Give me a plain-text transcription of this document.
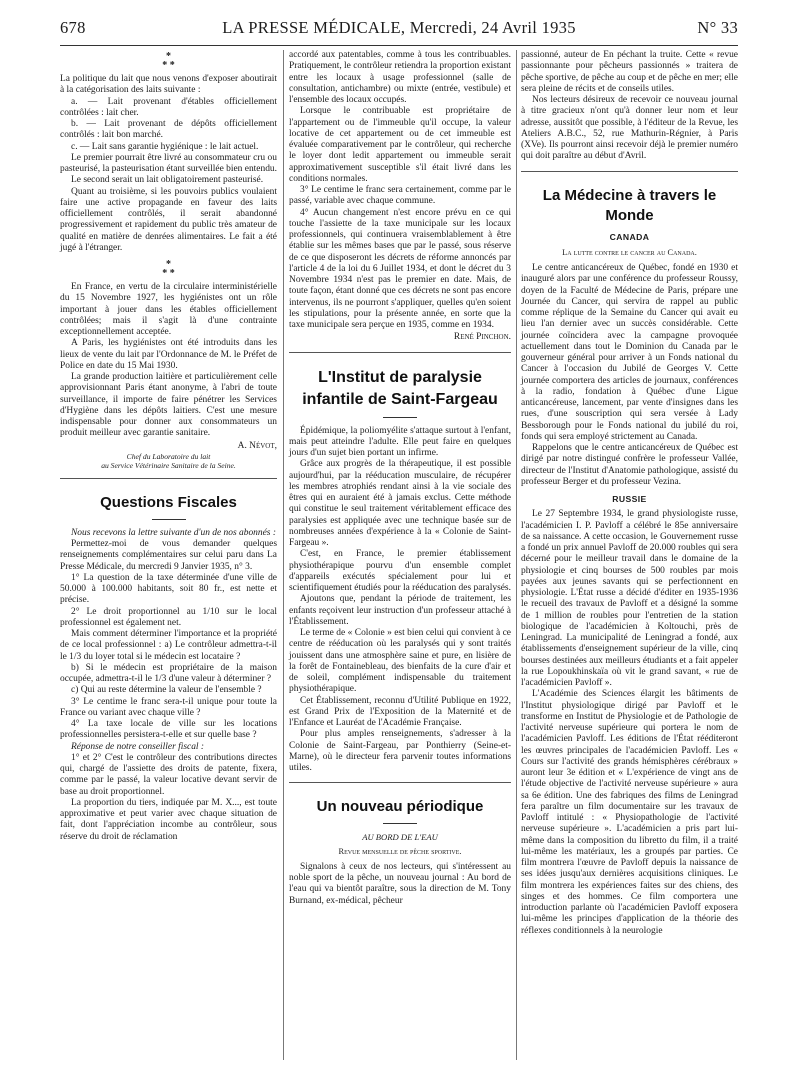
678	LA PRESSE MÉDICALE, Mercredi, 24 Avril 1935	N° 33
*
* *

La politique du lait que nous venons d'exposer aboutirait à la catégorisation des laits suivante :

a. — Lait provenant d'étables officiellement contrôlées : lait cher.

b. — Lait provenant de dépôts officiellement contrôlés : lait bon marché.

c. — Lait sans garantie hygiénique : le lait actuel.

Le premier pourrait être livré au consommateur cru ou pasteurisé, la pasteurisation étant surveillée bien entendu.

Le second serait un lait obligatoirement pasteurisé.

Quant au troisième, si les pouvoirs publics voulaient faire une active propagande en faveur des laits officiellement contrôlés, il serait abandonné progressivement et rapidement du public très amateur de qualité en matière de denrées alimentaires. Le fait a été jugé à l'étranger.

*
* *

En France, en vertu de la circulaire interministérielle du 15 Novembre 1927, les hygiénistes ont un rôle important à jouer dans les étables officiellement contrôlées; mais il s'agit là d'une contrainte exceptionnellement acceptée.

A Paris, les hygiénistes ont été introduits dans les lieux de vente du lait par l'Ordonnance de M. le Préfet de Police en date du 15 Mai 1930.

La grande production laitière et particulièrement celle approvisionnant Paris étant anonyme, à l'abri de toute surveillance, il importe de faire pénétrer les Services d'Hygiène dans les dépôts laitiers. C'est une mesure indispensable pour donner aux consommateurs un produit meilleur avec garantie sanitaire.

A. Névot,
Chef du Laboratoire du lait
au Service Vétérinaire Sanitaire de la Seine.
Questions Fiscales

Nous recevons la lettre suivante d'un de nos abonnés :

Permettez-moi de vous demander quelques renseignements complémentaires sur celui paru dans La Presse Médicale, du mercredi 9 Janvier 1935, n° 3.

1° La question de la taxe déterminée d'une ville de 50.000 à 100.000 habitants, soit 80 fr., est nette et précise.

2° Le droit proportionnel au 1/10 sur le local professionnel est également net.

Mais comment déterminer l'importance et la propriété de ce local professionnel : a) Le contrôleur admettra-t-il le 1/3 du loyer total si le médecin est locataire ?

b) Si le médecin est propriétaire de la maison occupée, admettra-t-il le 1/3 d'une valeur à déterminer ?

c) Qui au reste détermine la valeur de l'ensemble ?

3° Le centime le franc sera-t-il unique pour toute la France ou variant avec chaque ville ?

4° La taxe locale de ville sur les locations professionnelles persistera-t-elle et sur quelle base ?

Réponse de notre conseiller fiscal :

1° et 2° C'est le contrôleur des contributions directes qui, chargé de l'assiette des droits de patente, fixera, comme par le passé, la valeur locative devant servir de base au droit proportionnel.

La proportion du tiers, indiquée par M. X..., est toute approximative et peut varier avec chaque situation de fait, dont l'appréciation incombe au contrôleur, sous réserve du droit de réclamation

accordé aux patentables, comme à tous les contribuables. Pratiquement, le contrôleur retiendra la proportion existant entre les locaux à usage professionnel (salle de consultation, antichambre) ou mixte (entrée, vestibule) et l'ensemble des locaux occupés.

Lorsque le contribuable est propriétaire de l'appartement ou de l'immeuble qu'il occupe, la valeur locative de cet appartement ou de cet immeuble est évaluée comparativement par le contrôleur, qui recherche le loyer dont ledit appartement ou immeuble serait approximativement susceptible s'il était livré dans les conditions normales.

3° Le centime le franc sera certainement, comme par le passé, variable avec chaque commune.

4° Aucun changement n'est encore prévu en ce qui touche l'assiette de la taxe municipale sur les locaux professionnels, qui continuera vraisemblablement à être établie sur les mêmes bases que par le passé, sous réserve de ce que disposeront les décrets de réforme annoncés par l'article 4 de la loi du 6 Juillet 1934, et dont le décret du 3 Novembre 1934 n'est pas le premier en date. Mais, de toute façon, étant donné que ces décrets ne sont pas encore intervenus, ils ne pourront s'appliquer, quelles qu'en soient les stipulations, pour la présente année, en sorte que la taxe municipale sera perçue en 1935, comme en 1934.

René Pinchon.
L'Institut de paralysie infantile de Saint-Fargeau

Épidémique, la poliomyélite s'attaque surtout à l'enfant, mais peut atteindre l'adulte. Elle peut faire en quelques jours d'un sujet bien portant un infirme.

Grâce aux progrès de la thérapeutique, il est possible aujourd'hui, par la rééducation musculaire, de récupérer les membres atrophiés rendant ainsi à la vie sociale des êtres qui en auraient été à jamais exclus. Cette méthode qui constitue le seul traitement véritablement efficace des paralysies est appliquée avec une technique basée sur de nombreuses années d'expérience à la « Colonie de Saint-Fargeau ».

C'est, en France, le premier établissement physiothérapique pourvu d'un ensemble complet d'appareils exécutés spécialement pour lui et scientifiquement étudiés pour la rééducation des paralysés.

Ajoutons que, pendant la période de traitement, les enfants reçoivent leur instruction d'un professeur attaché à l'Établissement.

Le terme de « Colonie » est bien celui qui convient à ce centre de rééducation où les paralysés qui y sont traités jouissent dans une atmosphère saine et pure, en lisière de la forêt de Fontainebleau, des bienfaits de la cure d'air et de soleil, complément indispensable du traitement physiothérapique.

Cet Établissement, reconnu d'Utilité Publique en 1922, est Grand Prix de l'Exposition de la Maternité et de l'Enfance et Lauréat de l'Académie Française.

Pour plus amples renseignements, s'adresser à la Colonie de Saint-Fargeau, par Ponthierry (Seine-et-Marne), où le directeur fera parvenir toutes informations utiles.

Un nouveau périodique
AU BORD DE L'EAU
Revue mensuelle de pêche sportive.

Signalons à ceux de nos lecteurs, qui s'intéressent au noble sport de la pêche, un nouveau journal : Au bord de l'eau qui va bientôt paraître, sous la direction de M. Tony Burnand, ex-médical, pêcheur

passionné, auteur de En péchant la truite. Cette « revue passionnante pour pêcheurs passionnés » traitera de pêche sportive, de pêche au coup et de pêche en mer; elle sera pleine de récits et de conseils utiles.

Nos lecteurs désireux de recevoir ce nouveau journal à titre gracieux n'ont qu'à donner leur nom et leur adresse, aussitôt que possible, à l'éditeur de la Revue, les Ateliers A.B.C., 52, rue Mathurin-Régnier, à Paris (XVe). Ils pourront ainsi recevoir déjà le premier numéro qui doit paraître au début d'Avril.

La Médecine à travers le Monde
CANADA
La lutte contre le cancer au Canada.

Le centre anticancéreux de Québec, fondé en 1930 et inauguré alors par une conférence du professeur Roussy, doyen de la Faculté de Médecine de Paris, prépare une Journée du Cancer, qui servira de rappel au public comme réplique de la Semaine du Cancer qui avait eu lieu l'an dernier avec un succès considérable. Cette journée coïncidera avec la campagne provoquée actuellement dans tout le Dominion du Canada par le gouverneur général pour arriver à un Fonds national du Cancer à l'occasion du Jubilé de Georges V. Cette journée comportera des articles de journaux, conférences à la radio, fondation à Québec d'une Ligue anticancéreuse, lancement, par vente d'insignes dans les rues, d'une souscription qui sera versée à Lady Bessborough pour le Fonds national du jubilé du roi, fonds qui sera employé strictement au Canada.

Rappelons que le centre anticancéreux de Québec est dirigé par notre distingué confrère le professeur Vallée, directeur de l'Institut d'Anatomie pathologique, assisté du professeur Berger et du professeur Vezina.

RUSSIE

Le 27 Septembre 1934, le grand physiologiste russe, l'académicien I. P. Pavloff a célébré le 85e anniversaire de sa naissance. A cette occasion, le Gouvernement russe a fondé un prix annuel Pavloff de 20.000 roubles qui sera décerné pour le meilleur travail dans le domaine de la physiologie et cinq bourses de 500 roubles par mois payées aux jeunes savants qui se perfectionnent en physiologie. L'État russe a décidé d'éditer en 1935-1936 le recueil des travaux de Pavloff et a désigné la somme de 1 million de roubles pour l'entretien de la station biologique de l'académicien à Koltouchi, près de Leningrad. La municipalité de Leningrad a fondé, aux établissements d'enseignement supérieur de la ville, cinq bourses destinées aux meilleurs étudiants et a fait appeler la rue Lopoukhinskaïa où vit le grand savant, « rue de l'académicien Pavloff ».

L'Académie des Sciences élargit les bâtiments de l'Institut physiologique dirigé par Pavloff et le transforme en Institut de Physiologie et de Pathologie de l'activité nerveuse supérieure qui portera le nom de l'académicien Pavloff. Les éditions de l'État rééditeront les œuvres principales de l'académicien Pavloff. Les « Cours sur l'activité des grands hémisphères cérébraux » auront leur 3e édition et « L'expérience de vingt ans de l'étude objective de l'activité nerveuse supérieure » aura sa 6e édition. Une des fabriques des films de Leningrad fera paraître un film documentaire sur les travaux de Pavloff intitulé : « Physiopathologie de l'activité nerveuse supérieure ». L'académicien a pris part lui-même dans la composition du libretto du film, il a traité lui-même les matériaux, les a groupés par parties. Ce film montrera l'œuvre de Pavloff depuis la naissance de ses idées jusqu'aux dernières acquisitions cliniques. Le film montrera les expériences faites sur des chiens, des singes et des hommes. Ce film comportera une introduction parlante où l'académicien Pavloff exposera lui-même les principes d'application de la théorie des réflexes conditionnels à la neurologie
